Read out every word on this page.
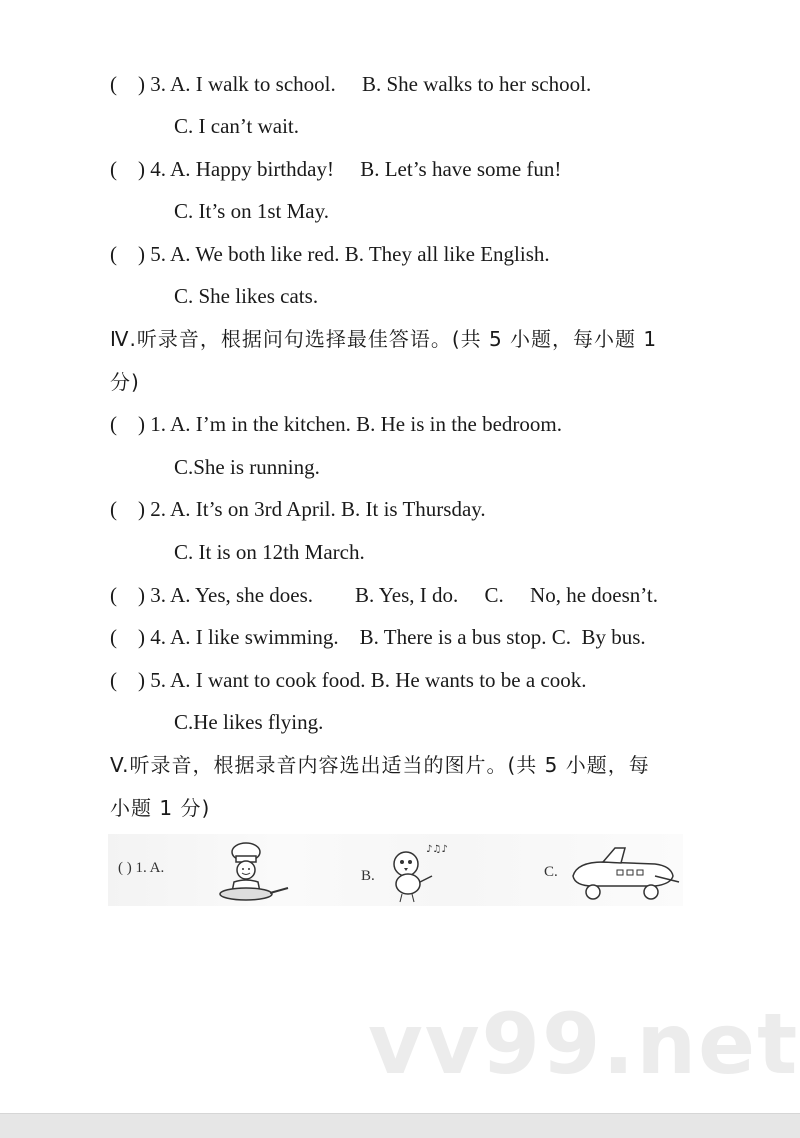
(    ) 3. A. I walk to school.     B. She walks to her school.
C. I can’t wait.
(    ) 4. A. Happy birthday!     B. Let’s have some fun!
C. It’s on 1st May.
(    ) 5. A. We both like red. B. They all like English.
C. She likes cats.
Ⅳ.听录音，根据问句选择最佳答语。(共 5 小题，每小题 1
分)
(    ) 1. A. I’m in the kitchen. B. He is in the bedroom.
C.She is running.
(    ) 2. A. It’s on 3rd April. B. It is Thursday.
C. It is on 12th March.
(    ) 3. A. Yes, she does.        B. Yes, I do.     C.     No, he doesn’t.
(    ) 4. A. I like swimming.    B. There is a bus stop. C.  By bus.
(    ) 5. A. I want to cook food. B. He wants to be a cook.
C.He likes flying.
V.听录音，根据录音内容选出适当的图片。(共 5 小题，每
小题 1 分)
( ) 1. A.	B.
♪♫♪
C.
vv99.net
